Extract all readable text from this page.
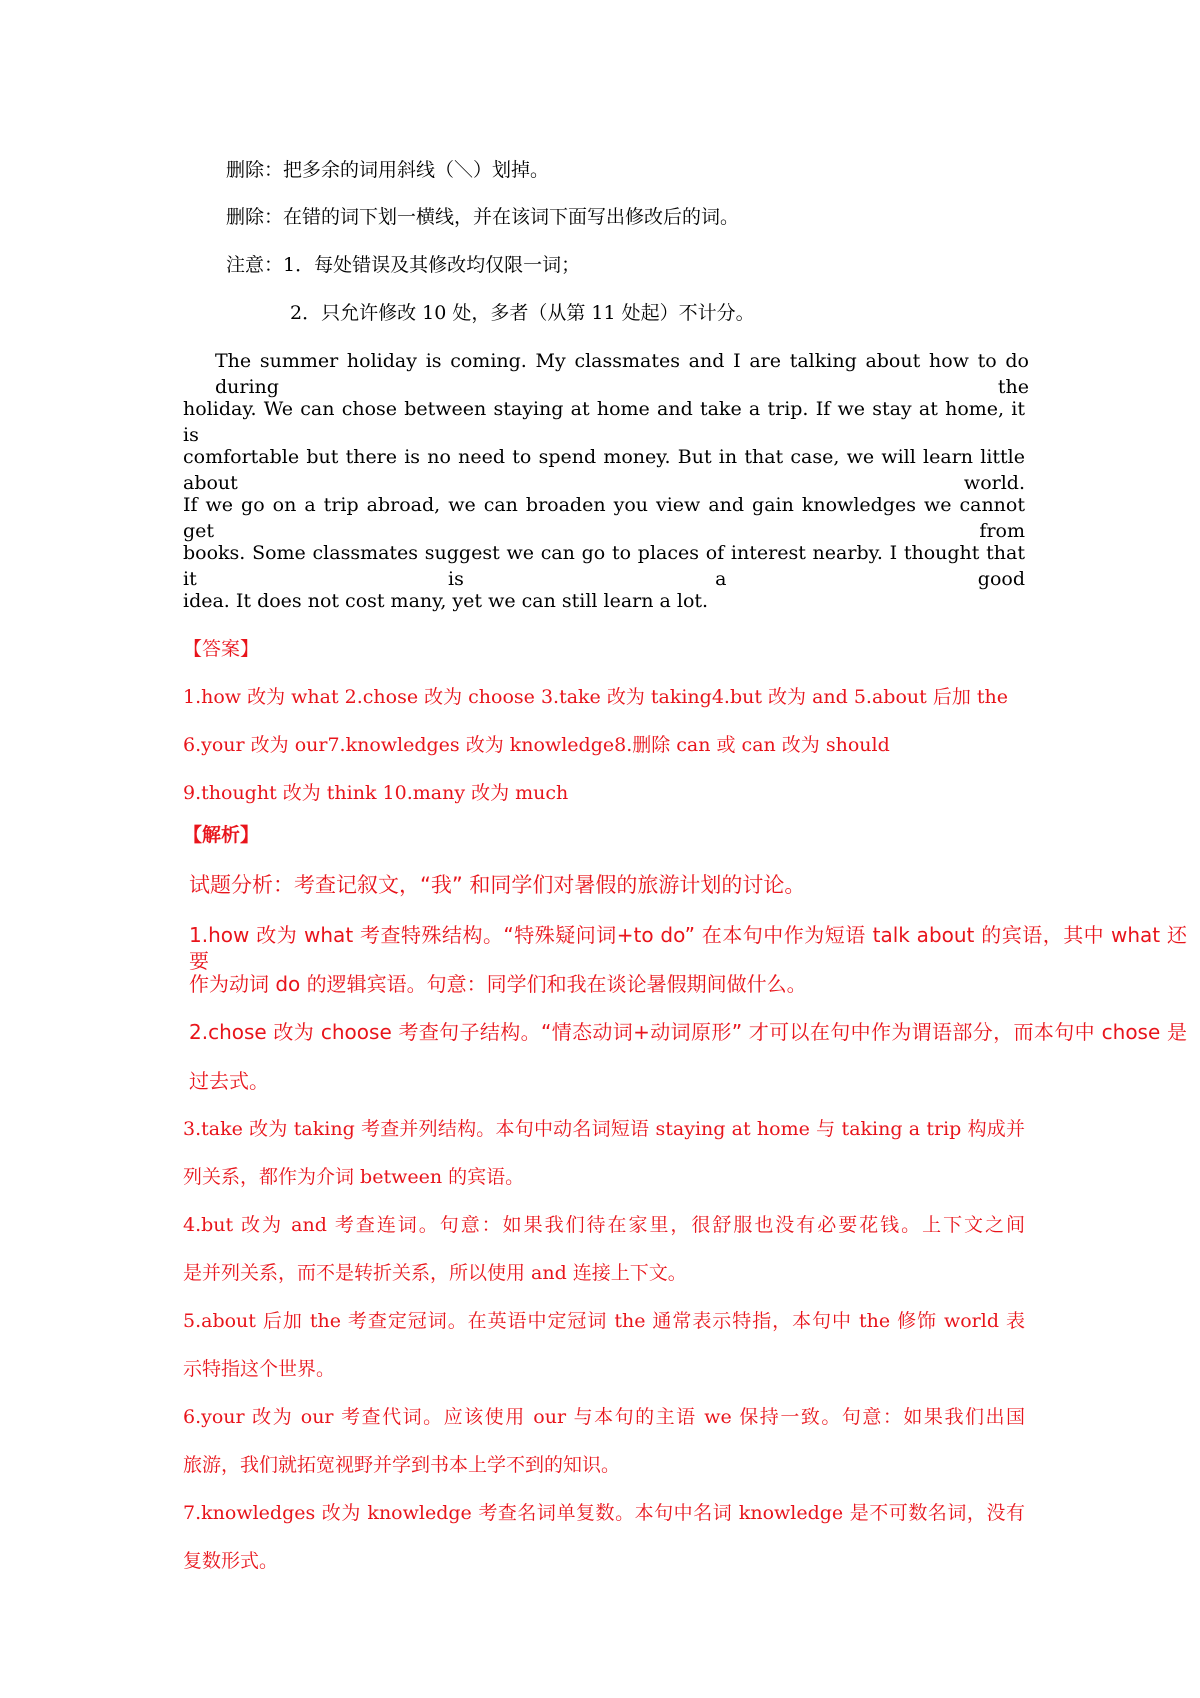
删除：把多余的词用斜线（＼）划掉。
删除：在错的词下划一横线，并在该词下面写出修改后的词。
注意：1．每处错误及其修改均仅限一词；
2．只允许修改 10 处，多者（从第 11 处起）不计分。
The summer holiday is coming. My classmates and I are talking about how to do during the
holiday. We can chose between staying at home and take a trip. If we stay at home, it is
comfortable but there is no need to spend money. But in that case, we will learn little about world.
If we go on a trip abroad, we can broaden you view and gain knowledges we cannot get from
books. Some classmates suggest we can go to places of interest nearby. I thought that it is a good
idea. It does not cost many, yet we can still learn a lot.
【答案】
1.how 改为 what 2.chose 改为 choose 3.take 改为 taking4.but 改为 and 5.about 后加 the
6.your 改为 our7.knowledges 改为 knowledge8.删除 can 或 can 改为 should
9.thought 改为 think 10.many 改为 much
【解析】
试题分析：考查记叙文，“我” 和同学们对暑假的旅游计划的讨论。
1.how 改为 what 考查特殊结构。“特殊疑问词+to do” 在本句中作为短语 talk about 的宾语，其中 what 还要
作为动词 do 的逻辑宾语。句意：同学们和我在谈论暑假期间做什么。
2.chose 改为 choose 考查句子结构。“情态动词+动词原形” 才可以在句中作为谓语部分，而本句中 chose 是
过去式。
3.take 改为 taking 考查并列结构。本句中动名词短语 staying at home 与 taking a trip 构成并
列关系，都作为介词 between 的宾语。
4.but 改为 and 考查连词。句意：如果我们待在家里，很舒服也没有必要花钱。上下文之间
是并列关系，而不是转折关系，所以使用 and 连接上下文。
5.about 后加 the 考查定冠词。在英语中定冠词 the 通常表示特指，本句中 the 修饰 world 表
示特指这个世界。
6.your 改为 our 考查代词。应该使用 our 与本句的主语 we 保持一致。句意：如果我们出国
旅游，我们就拓宽视野并学到书本上学不到的知识。
7.knowledges 改为 knowledge 考查名词单复数。本句中名词 knowledge 是不可数名词，没有
复数形式。
